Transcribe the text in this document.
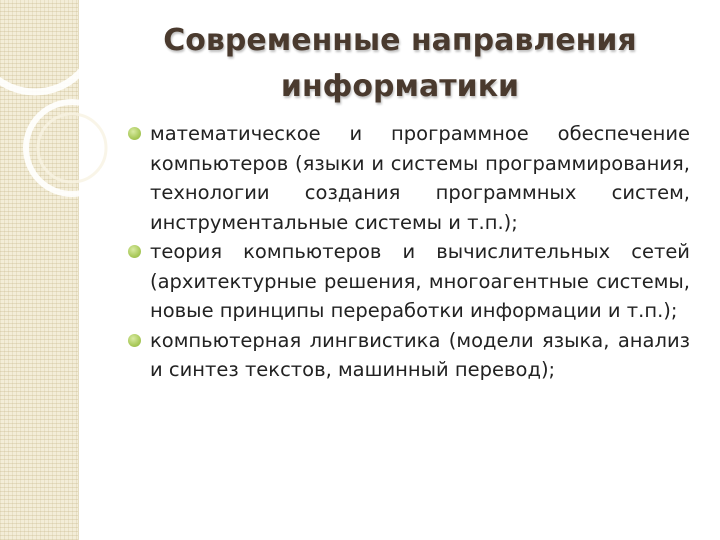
Современные направления
информатики
математическое и программное обеспечение компьютеров (языки и системы программирования, технологии создания программных систем, инструментальные системы и т.п.);
теория компьютеров и вычислительных сетей (архитектурные решения, многоагентные системы, новые принципы переработки информации и т.п.);
компьютерная лингвистика (модели языка, анализ и синтез текстов, машинный перевод);
